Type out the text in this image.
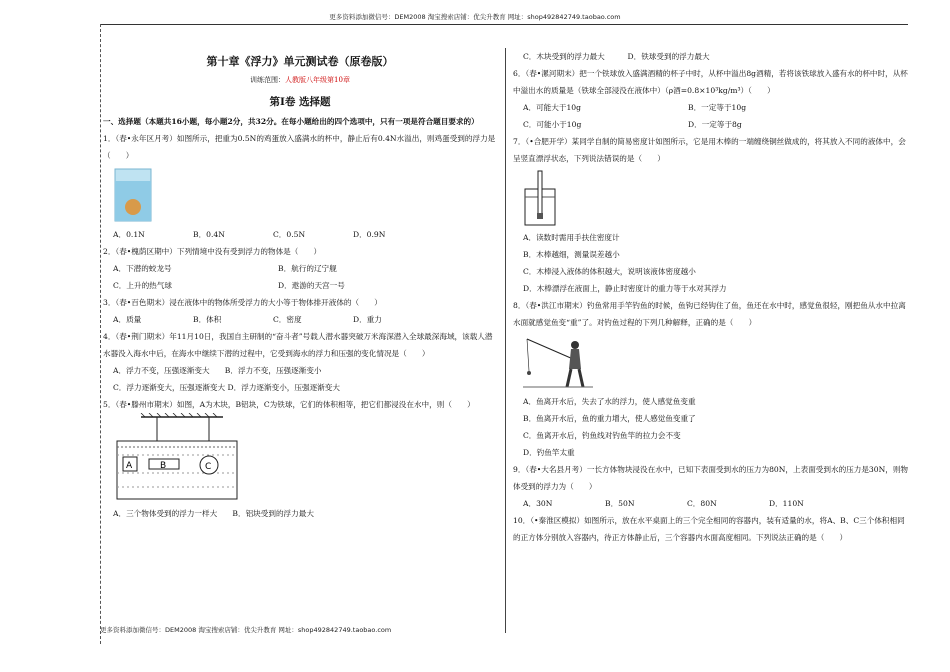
更多资料添加微信号：DEM2008 淘宝搜索店铺：优尖升教育 网址：shop492842749.taobao.com
第十章《浮力》单元测试卷（原卷版）
训练范围：人教版八年级第10章
第Ⅰ卷 选择题
一、选择题（本题共16小题，每小题2分，共32分。在每小题给出的四个选项中，只有一项是符合题目要求的）
1．（春•永年区月考）如图所示，把重为0.5N的鸡蛋放入盛满水的杯中，静止后有0.4N水溢出，则鸡蛋受到的浮力是（　　）
A．0.1N	B．0.4N	C．0.5N	D．0.9N
2．（春•槐荫区期中）下列情境中没有受到浮力的物体是（　　）
A．下潜的蛟龙号	B．航行的辽宁舰
C．上升的热气球	D．遨游的天宫一号
3．（春•百色期末）浸在液体中的物体所受浮力的大小等于物体排开液体的（　　）
A．质量	B．体积	C．密度	D．重力
4．（春•荆门期末）年11月10日，我国自主研制的“奋斗者”号载人潜水器突破万米海深潜入全球最深海域，该载人潜水器没入海水中后，在海水中继续下潜的过程中，它受到海水的浮力和压强的变化情况是（　　）
A．浮力不变，压强逐渐变大　　 B．浮力不变，压强逐渐变小
C．浮力逐渐变大，压强逐渐变大 D．浮力逐渐变小，压强逐渐变大
5．（春•滕州市期末）如图，A为木块，B铝块，C为铁球，它们的体积相等，把它们都浸没在水中，则（　　）
A	B	C
A．三个物体受到的浮力一样大　　 B．铝块受到的浮力最大
C．木块受到的浮力最大　　　	D．铁球受到的浮力最大
6．（春•漯河期末）把一个铁球放入盛满酒精的杯子中时，从杯中溢出8g酒精，若将该铁球放入盛有水的杯中时，从杯中溢出水的质量是（铁球全部浸没在液体中）（ρ酒=0.8×10³kg/m³）（　　）
A．可能大于10g	B．一定等于10g
C．可能小于10g	D．一定等于8g
7．（•合肥开学）某同学自制的简易密度计如图所示，它是用木棒的一端缠绕铜丝做成的，将其放入不同的液体中，会呈竖直漂浮状态，下列说法错误的是（　　）
A．读数时需用手扶住密度计
B．木棒越细，测量误差越小
C．木棒浸入液体的体积越大，说明该液体密度越小
D．木棒漂浮在液面上，静止时密度计的重力等于水对其浮力
8．（春•洪江市期末）钓鱼常用手竿钓鱼的时候，鱼钩已经钩住了鱼，鱼还在水中时，感觉鱼很轻，刚把鱼从水中拉离水面就感觉鱼变“重”了。对钓鱼过程的下列几种解释，正确的是（　　）
A．鱼离开水后，失去了水的浮力，使人感觉鱼变重
B．鱼离开水后，鱼的重力增大，使人感觉鱼变重了
C．鱼离开水后，钓鱼线对钓鱼竿的拉力会不变
D．钓鱼竿太重
9．（春•大名县月考）一长方体物块浸没在水中，已知下表面受到水的压力为80N，上表面受到水的压力是30N，则物体受到的浮力为（　　）
A．30N	B．50N	C．80N	D．110N
10．（•秦淮区模拟）如图所示，放在水平桌面上的三个完全相同的容器内，装有适量的水，将A、B、C三个体积相同的正方体分别放入容器内，待正方体静止后，三个容器内水面高度相同。下列说法正确的是（　　）
更多资料添加微信号：DEM2008 淘宝搜索店铺：优尖升教育 网址：shop492842749.taobao.com
